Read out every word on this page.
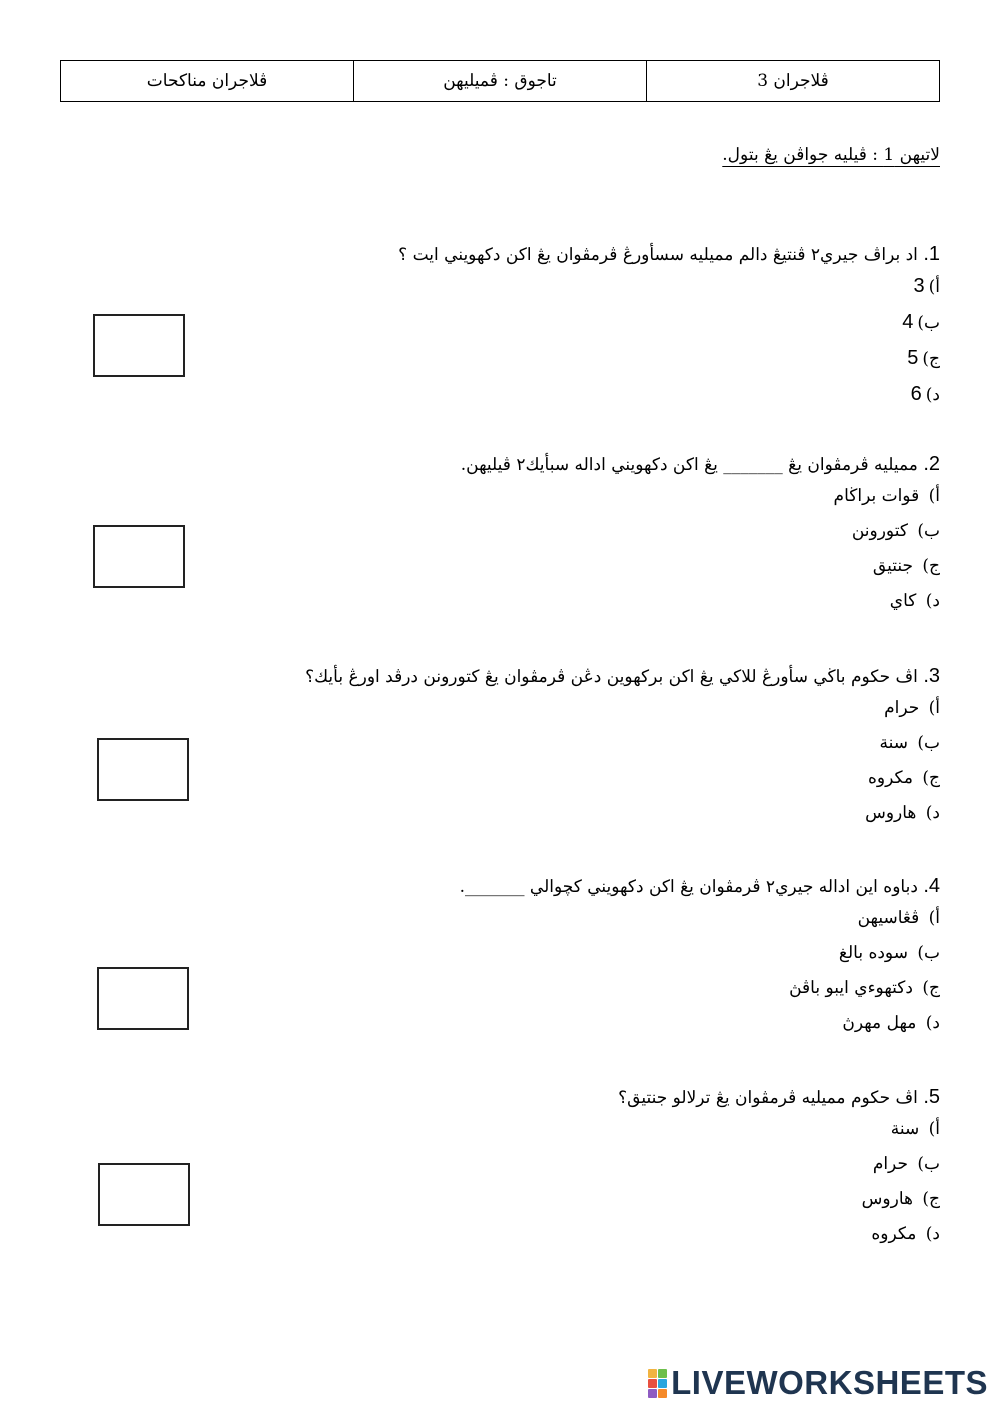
ڤلاجران 3	تاجوق : ڤميليهن	ڤلاجران مناكحات
لاتيهن 1 : ڤيليه جواڤن يڠ بتول.
1. اد براڤ جيري٢ ڤنتيڠ دالم مميليه سسأورڠ ڤرمڤوان يڠ اكن دكهويني ايت ؟
أ)3
ب)4
ج)5
د)6
2. مميليه ڤرمڤوان يڠ _______ يڠ اكن دكهويني اداله سبأيك٢ ڤيليهن.
أ) قوات براڬام
ب) كتورونن
ج) جنتيق
د) كاي
3. اڤ حكوم باڬي سأورڠ للاكي يڠ اكن بركهوين دڠن ڤرمڤوان يڠ كتورونن درڤد اورڠ بأيك؟
أ) حرام
ب) سنة
ج) مكروه
د) هاروس
4. دباوه اين اداله جيري٢ ڤرمڤوان يڠ اكن دكهويني كچوالي _______.
أ) ڤڠاسيهن
ب) سوده بالغ
ج) دكتهوءي ايبو باڤڽ
د) مهل مهرڽ
5. اڤ حكوم مميليه ڤرمڤوان يڠ ترلالو جنتيق؟
أ) سنة
ب) حرام
ج) هاروس
د) مكروه
LIVEWORKSHEETS
